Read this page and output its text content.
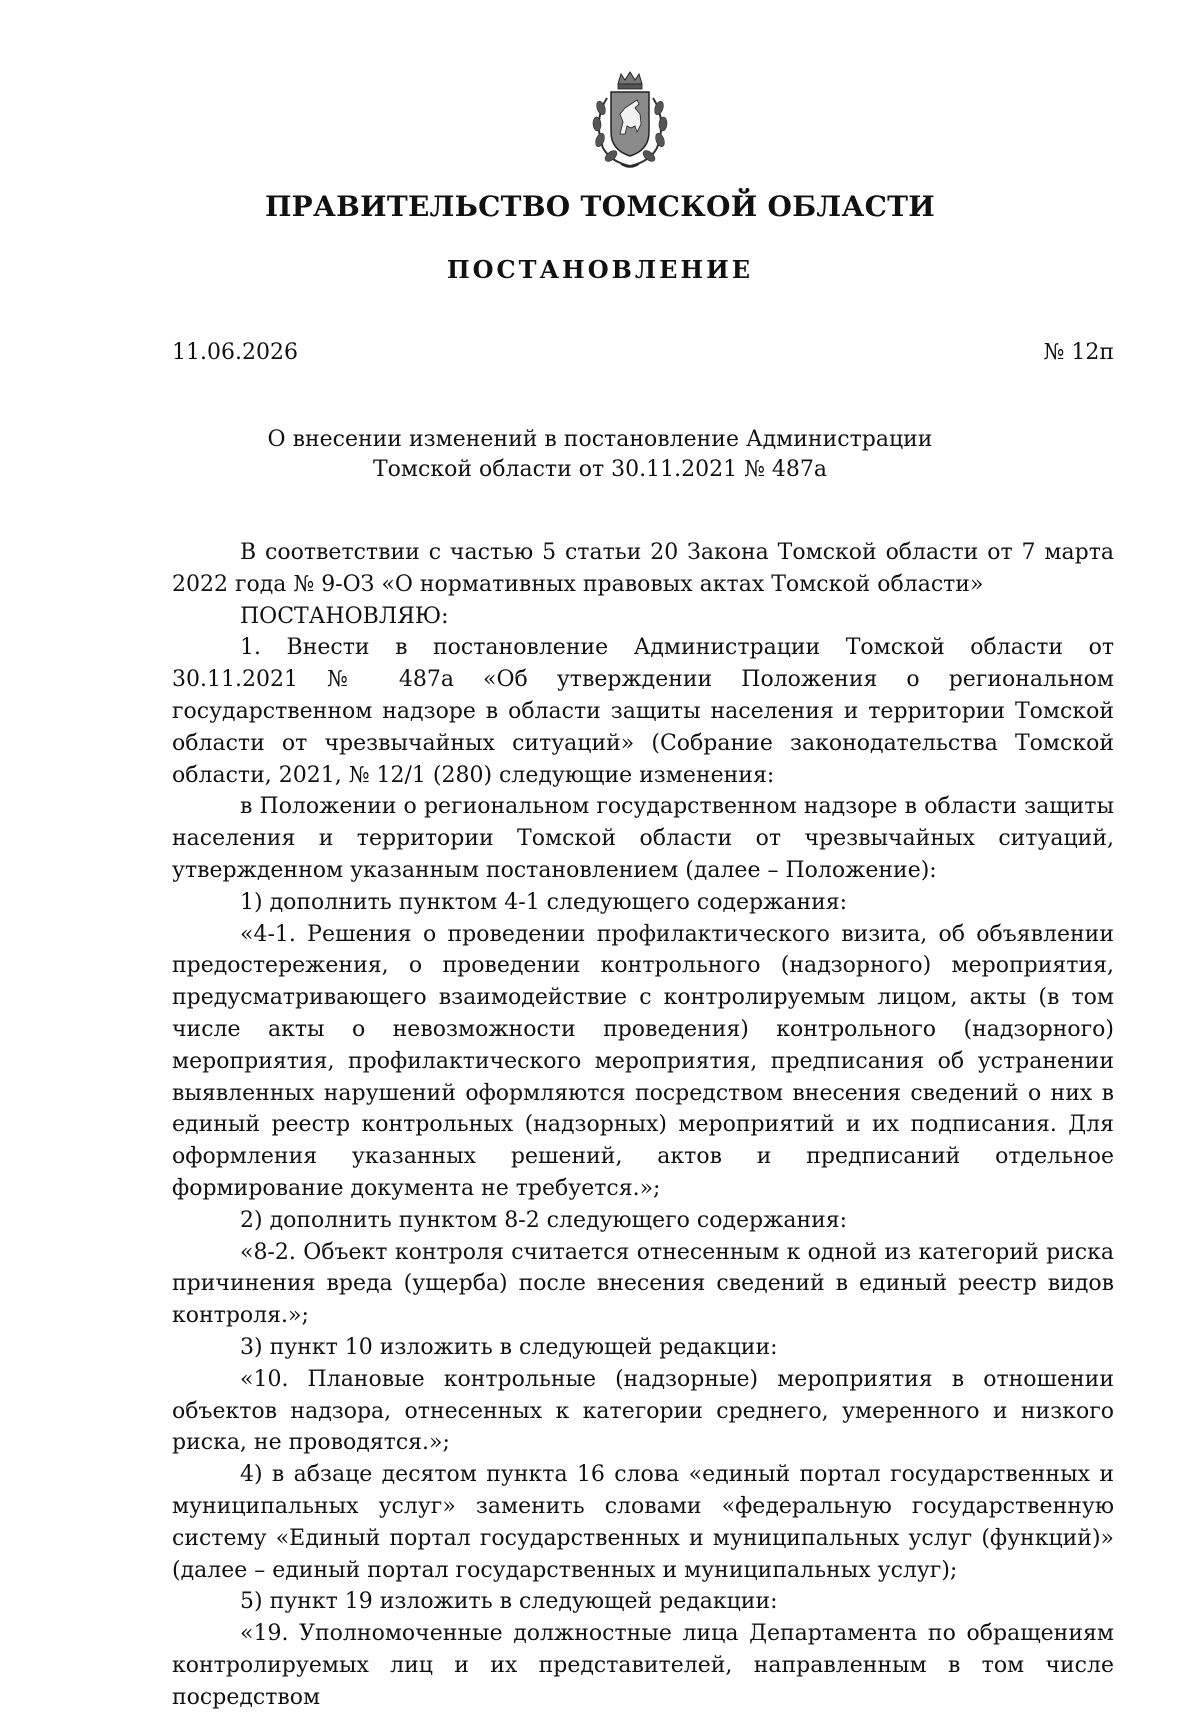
ПРАВИТЕЛЬСТВО ТОМСКОЙ ОБЛАСТИ
ПОСТАНОВЛЕНИЕ
11.06.2026	№ 12п
О внесении изменений в постановление Администрации
Томской области от 30.11.2021 № 487а

В соответствии с частью 5 статьи 20 Закона Томской области от 7 марта 2022 года № 9-ОЗ «О нормативных правовых актах Томской области»

ПОСТАНОВЛЯЮ:

1. Внести в постановление Администрации Томской области от 30.11.2021 № 487а «Об утверждении Положения о региональном государственном надзоре в области защиты населения и территории Томской области от чрезвычайных ситуаций» (Собрание законодательства Томской области, 2021, № 12/1 (280) следующие изменения:

в Положении о региональном государственном надзоре в области защиты населения и территории Томской области от чрезвычайных ситуаций, утвержденном указанным постановлением (далее – Положение):

1) дополнить пунктом 4-1 следующего содержания:

«4-1. Решения о проведении профилактического визита, об объявлении предостережения, о проведении контрольного (надзорного) мероприятия, предусматривающего взаимодействие с контролируемым лицом, акты (в том числе акты о невозможности проведения) контрольного (надзорного) мероприятия, профилактического мероприятия, предписания об устранении выявленных нарушений оформляются посредством внесения сведений о них в единый реестр контрольных (надзорных) мероприятий и их подписания. Для оформления указанных решений, актов и предписаний отдельное формирование документа не требуется.»;

2) дополнить пунктом 8-2 следующего содержания:

«8-2. Объект контроля считается отнесенным к одной из категорий риска причинения вреда (ущерба) после внесения сведений в единый реестр видов контроля.»;

3) пункт 10 изложить в следующей редакции:

«10. Плановые контрольные (надзорные) мероприятия в отношении объектов надзора, отнесенных к категории среднего, умеренного и низкого риска, не проводятся.»;

4) в абзаце десятом пункта 16 слова «единый портал государственных и муниципальных услуг» заменить словами «федеральную государственную систему «Единый портал государственных и муниципальных услуг (функций)» (далее – единый портал государственных и муниципальных услуг);

5) пункт 19 изложить в следующей редакции:

«19. Уполномоченные должностные лица Департамента по обращениям контролируемых лиц и их представителей, направленным в том числе посредством
